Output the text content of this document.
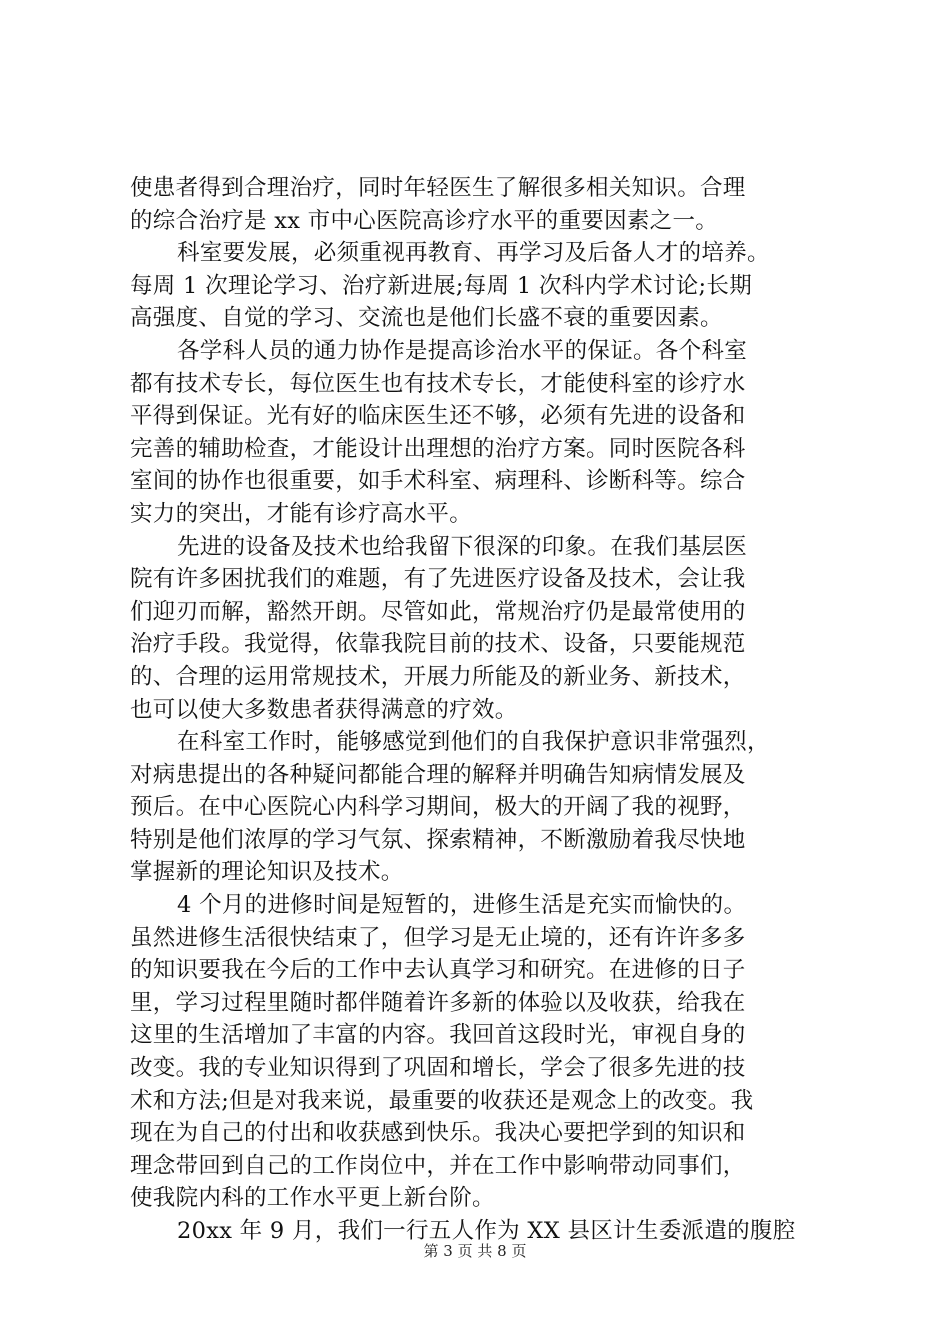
使患者得到合理治疗，同时年轻医生了解很多相关知识。合理
的综合治疗是 xx 市中心医院高诊疗水平的重要因素之一。
科室要发展，必须重视再教育、再学习及后备人才的培养。
每周 1 次理论学习、治疗新进展;每周 1 次科内学术讨论;长期
高强度、自觉的学习、交流也是他们长盛不衰的重要因素。
各学科人员的通力协作是提高诊治水平的保证。各个科室
都有技术专长，每位医生也有技术专长，才能使科室的诊疗水
平得到保证。光有好的临床医生还不够，必须有先进的设备和
完善的辅助检查，才能设计出理想的治疗方案。同时医院各科
室间的协作也很重要，如手术科室、病理科、诊断科等。综合
实力的突出，才能有诊疗高水平。
先进的设备及技术也给我留下很深的印象。在我们基层医
院有许多困扰我们的难题，有了先进医疗设备及技术，会让我
们迎刃而解，豁然开朗。尽管如此，常规治疗仍是最常使用的
治疗手段。我觉得，依靠我院目前的技术、设备，只要能规范
的、合理的运用常规技术，开展力所能及的新业务、新技术，
也可以使大多数患者获得满意的疗效。
在科室工作时，能够感觉到他们的自我保护意识非常强烈，
对病患提出的各种疑问都能合理的解释并明确告知病情发展及
预后。在中心医院心内科学习期间，极大的开阔了我的视野，
特别是他们浓厚的学习气氛、探索精神，不断激励着我尽快地
掌握新的理论知识及技术。
4 个月的进修时间是短暂的，进修生活是充实而愉快的。
虽然进修生活很快结束了，但学习是无止境的，还有许许多多
的知识要我在今后的工作中去认真学习和研究。在进修的日子
里，学习过程里随时都伴随着许多新的体验以及收获，给我在
这里的生活增加了丰富的内容。我回首这段时光，审视自身的
改变。我的专业知识得到了巩固和增长，学会了很多先进的技
术和方法;但是对我来说，最重要的收获还是观念上的改变。我
现在为自己的付出和收获感到快乐。我决心要把学到的知识和
理念带回到自己的工作岗位中，并在工作中影响带动同事们，
使我院内科的工作水平更上新台阶。
20xx 年 9 月，我们一行五人作为 XX 县区计生委派遣的腹腔
第 3 页 共 8 页
